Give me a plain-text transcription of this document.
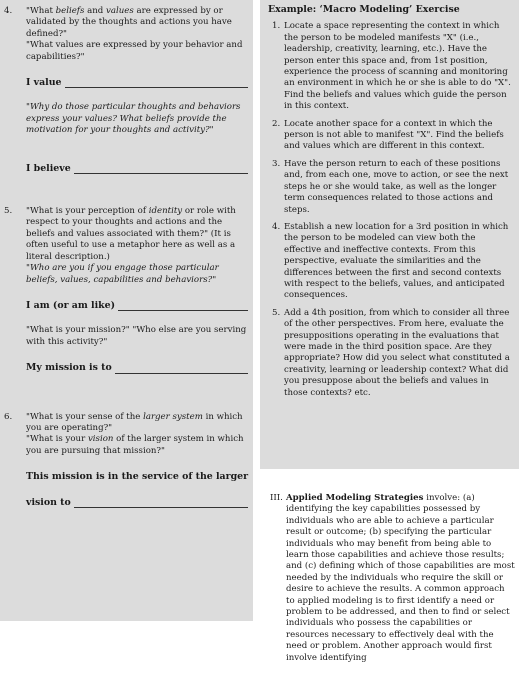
4.	"What beliefs and values are expressed by or validated by the thoughts and actions you have defined?"

"What values are expressed by your behavior and capabilities?"

I value

"Why do those particular thoughts and behaviors express your values? What beliefs provide the motivation for your thoughts and activity?"

I believe
5.	"What is your perception of identity or role with respect to your thoughts and actions and the beliefs and values associated with them?" (It is often useful to use a metaphor here as well as a literal description.)

"Who are you if you engage those particular beliefs, values, capabilities and behaviors?"

I am (or am like)

"What is your mission?" "Who else are you serving with this activity?"

My mission is to
6.	"What is your sense of the larger system in which you are operating?"

"What is your vision of the larger system in which you are pursuing that mission?"

This mission is in the service of the larger
vision to
Example: ‘Macro Modeling’ Exercise
1. Locate a space representing the context in which the person to be modeled manifests "X" (i.e., leadership, creativity, learning, etc.). Have the person enter this space and, from 1st position, experience the process of scanning and monitoring an environment in which he or she is able to do "X". Find the beliefs and values which guide the person in this context.

2. Locate another space for a context in which the person is not able to manifest "X". Find the beliefs and values which are different in this context.

3. Have the person return to each of these positions and, from each one, move to action, or see the next steps he or she would take, as well as the longer term consequences related to those actions and steps.

4. Establish a new location for a 3rd position in which the person to be modeled can view both the effective and ineffective contexts. From this perspective, evaluate the similarities and the differences between the first and second contexts with respect to the beliefs, values, and anticipated consequences.

5. Add a 4th position, from which to consider all three of the other perspectives. From here, evaluate the presuppositions operating in the evaluations that were made in the third position space. Are they appropriate? How did you select what constituted a creativity, learning or leadership context? What did you presuppose about the beliefs and values in those contexts? etc.

III. Applied Modeling Strategies involve: (a) identifying the key capabilities possessed by individuals who are able to achieve a particular result or outcome; (b) specifying the particular individuals who may benefit from being able to learn those capabilities and achieve those results; and (c) defining which of those capabilities are most needed by the individuals who require the skill or desire to achieve the results. A common approach to applied modeling is to first identify a need or problem to be addressed, and then to find or select individuals who possess the capabilities or resources necessary to effectively deal with the need or problem. Another approach would first involve identifying
